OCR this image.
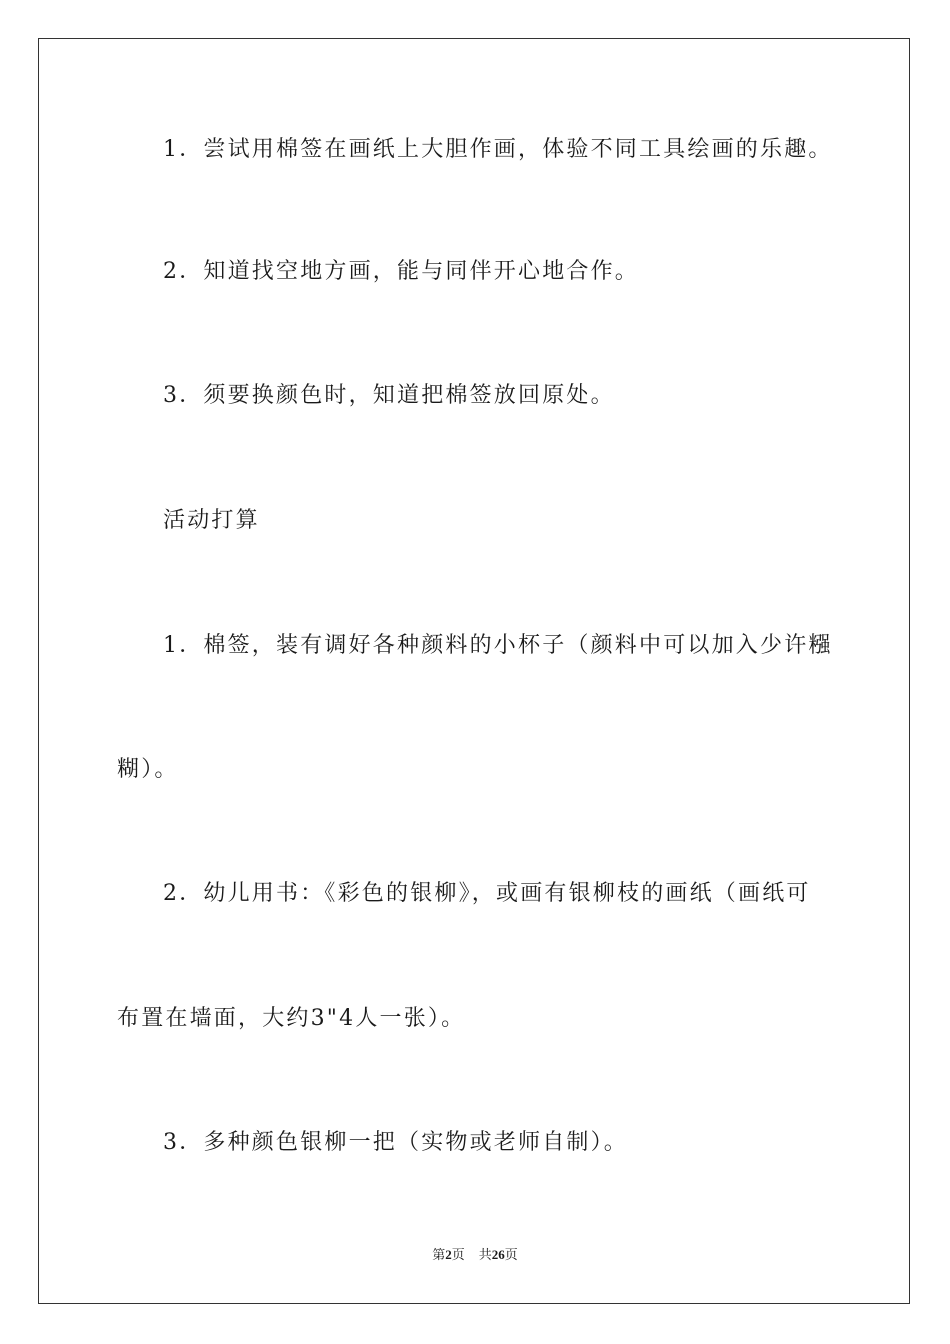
1．尝试用棉签在画纸上大胆作画，体验不同工具绘画的乐趣。
2．知道找空地方画，能与同伴开心地合作。
3．须要换颜色时，知道把棉签放回原处。
活动打算
1．棉签，装有调好各种颜料的小杯子（颜料中可以加入少许糨
糊）。
2．幼儿用书：《彩色的银柳》，或画有银柳枝的画纸（画纸可
布置在墙面，大约3"4人一张）。
3．多种颜色银柳一把（实物或老师自制）。
第2页 共26页
